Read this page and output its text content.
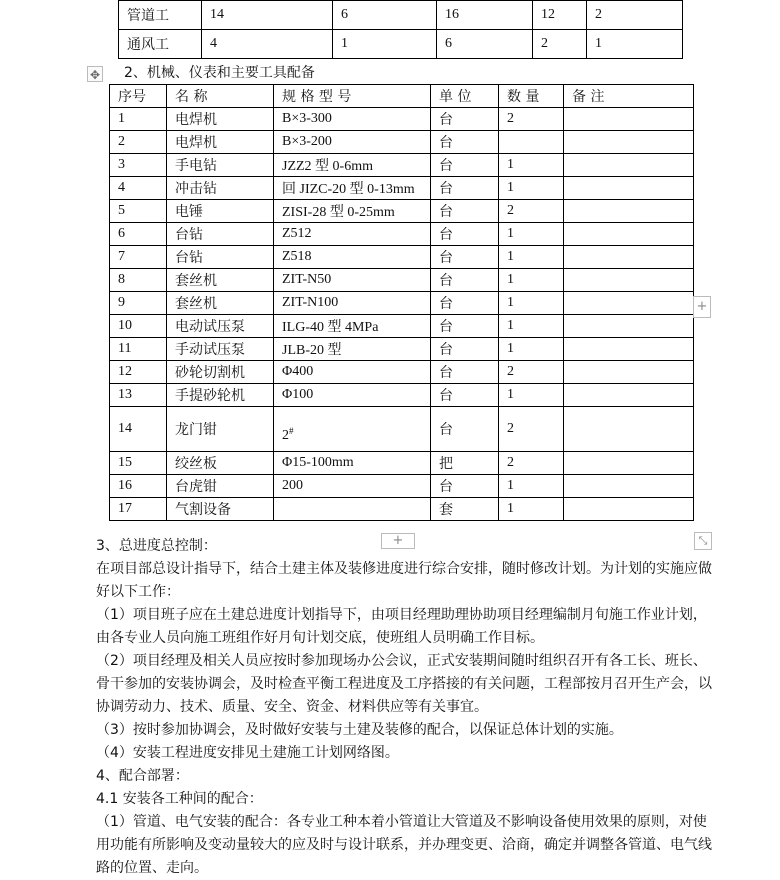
管道工	14	6	16	12	2
通风工	4	1	6	2	1
✥ 2、机械、仪表和主要工具配备

序号	名 称	规 格 型 号	单 位	数 量	备 注
1	电焊机	B×3-300	台	2	
2	电焊机	B×3-200	台		
3	手电钻	JZZ2 型 0-6mm	台	1	
4	冲击钻	回 JIZC-20 型 0-13mm	台	1	
5	电锤	ZISI-28 型 0-25mm	台	2	
6	台钻	Z512	台	1	
7	台钻	Z518	台	1	
8	套丝机	ZIT-N50	台	1	
9	套丝机	ZIT-N100	台	1	
10	电动试压泵	ILG-40 型 4MPa	台	1	
11	手动试压泵	JLB-20 型	台	1	
12	砂轮切割机	Φ400	台	2	
13	手提砂轮机	Φ100	台	1	
14	龙门钳	2#	台	2	
15	绞丝板	Φ15-100mm	把	2	
16	台虎钳	200	台	1	
17	气割设备		套	1	
+
+	⤡

3、总进度总控制：

在项目部总设计指导下，结合土建主体及装修进度进行综合安排，随时修改计划。为计划的实施应做好以下工作：

（1）项目班子应在土建总进度计划指导下，由项目经理助理协助项目经理编制月旬施工作业计划，由各专业人员向施工班组作好月旬计划交底，使班组人员明确工作目标。

（2）项目经理及相关人员应按时参加现场办公会议，正式安装期间随时组织召开有各工长、班长、骨干参加的安装协调会，及时检查平衡工程进度及工序搭接的有关问题，工程部按月召开生产会，以协调劳动力、技术、质量、安全、资金、材料供应等有关事宜。

（3）按时参加协调会，及时做好安装与土建及装修的配合，以保证总体计划的实施。

（4）安装工程进度安排见土建施工计划网络图。

4、配合部署：

4.1 安装各工种间的配合：

（1）管道、电气安装的配合：各专业工种本着小管道让大管道及不影响设备使用效果的原则，对使用功能有所影响及变动量较大的应及时与设计联系，并办理变更、洽商，确定并调整各管道、电气线路的位置、走向。
